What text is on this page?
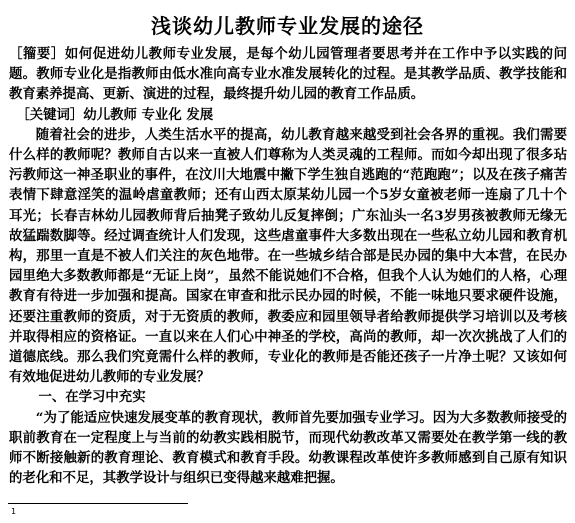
浅谈幼儿教师专业发展的途径

［籀要］如何促进幼儿教师专业发展，是每个幼儿园管理者要思考并在工作中予以实践的问题。教师专业化是指教师由低水准向高专业水准发展转化的过程。是其教学品质、教学技能和教育素养提高、更新、演进的过程，最终提升幼儿园的教育工作品质。

［关键词］幼儿教师 专业化 发展

随着社会的进步，人类生活水平的提高，幼儿教育越来越受到社会各界的重视。我们需要什么样的教师呢？教师自古以来一直被人们尊称为人类灵魂的工程师。而如今却出现了很多玷污教师这一神圣职业的事件，在汶川大地震中撇下学生独自逃跑的“范跑跑”；以及在孩子痛苦表情下肆意淫笑的温岭虐童教师；还有山西太原某幼儿园一个5岁女童被老师一连扇了几十个耳光；长春吉林幼儿园教师背后抽凳子致幼儿反复摔倒；广东汕头一名3岁男孩被教师无缘无故猛踹数脚等。经过调查统计人们发现，这些虐童事件大多数出现在一些私立幼儿园和教育机构，那里一直是不被人们关注的灰色地带。在一些城乡结合部是民办园的集中大本营，在民办园里绝大多数教师都是“无证上岗”，虽然不能说她们不合格，但我个人认为她们的人格，心理教育有待进一步加强和提高。国家在审查和批示民办园的时候，不能一味地只要求硬件设施，还要注重教师的资质，对于无资质的教师，教委应和园里领导者给教师提供学习培训以及考核并取得相应的资格证。一直以来在人们心中神圣的学校，高尚的教师，却一次次挑战了人们的道德底线。那么我们究竟需什么样的教师，专业化的教师是否能还孩子一片净土呢？又该如何有效地促进幼儿教师的专业发展？

一、在学习中充实

“为了能适应快速发展变革的教育现状，教师首先要加强专业学习。因为大多数教师接受的职前教育在一定程度上与当前的幼教实践相脱节，而现代幼教改革又需要处在教学第一线的教师不断接触新的教育理论、教育模式和教育手段。幼教课程改革使许多教师感到自己原有知识的老化和不足，其教学设计与组织已变得越来越难把握。

1
